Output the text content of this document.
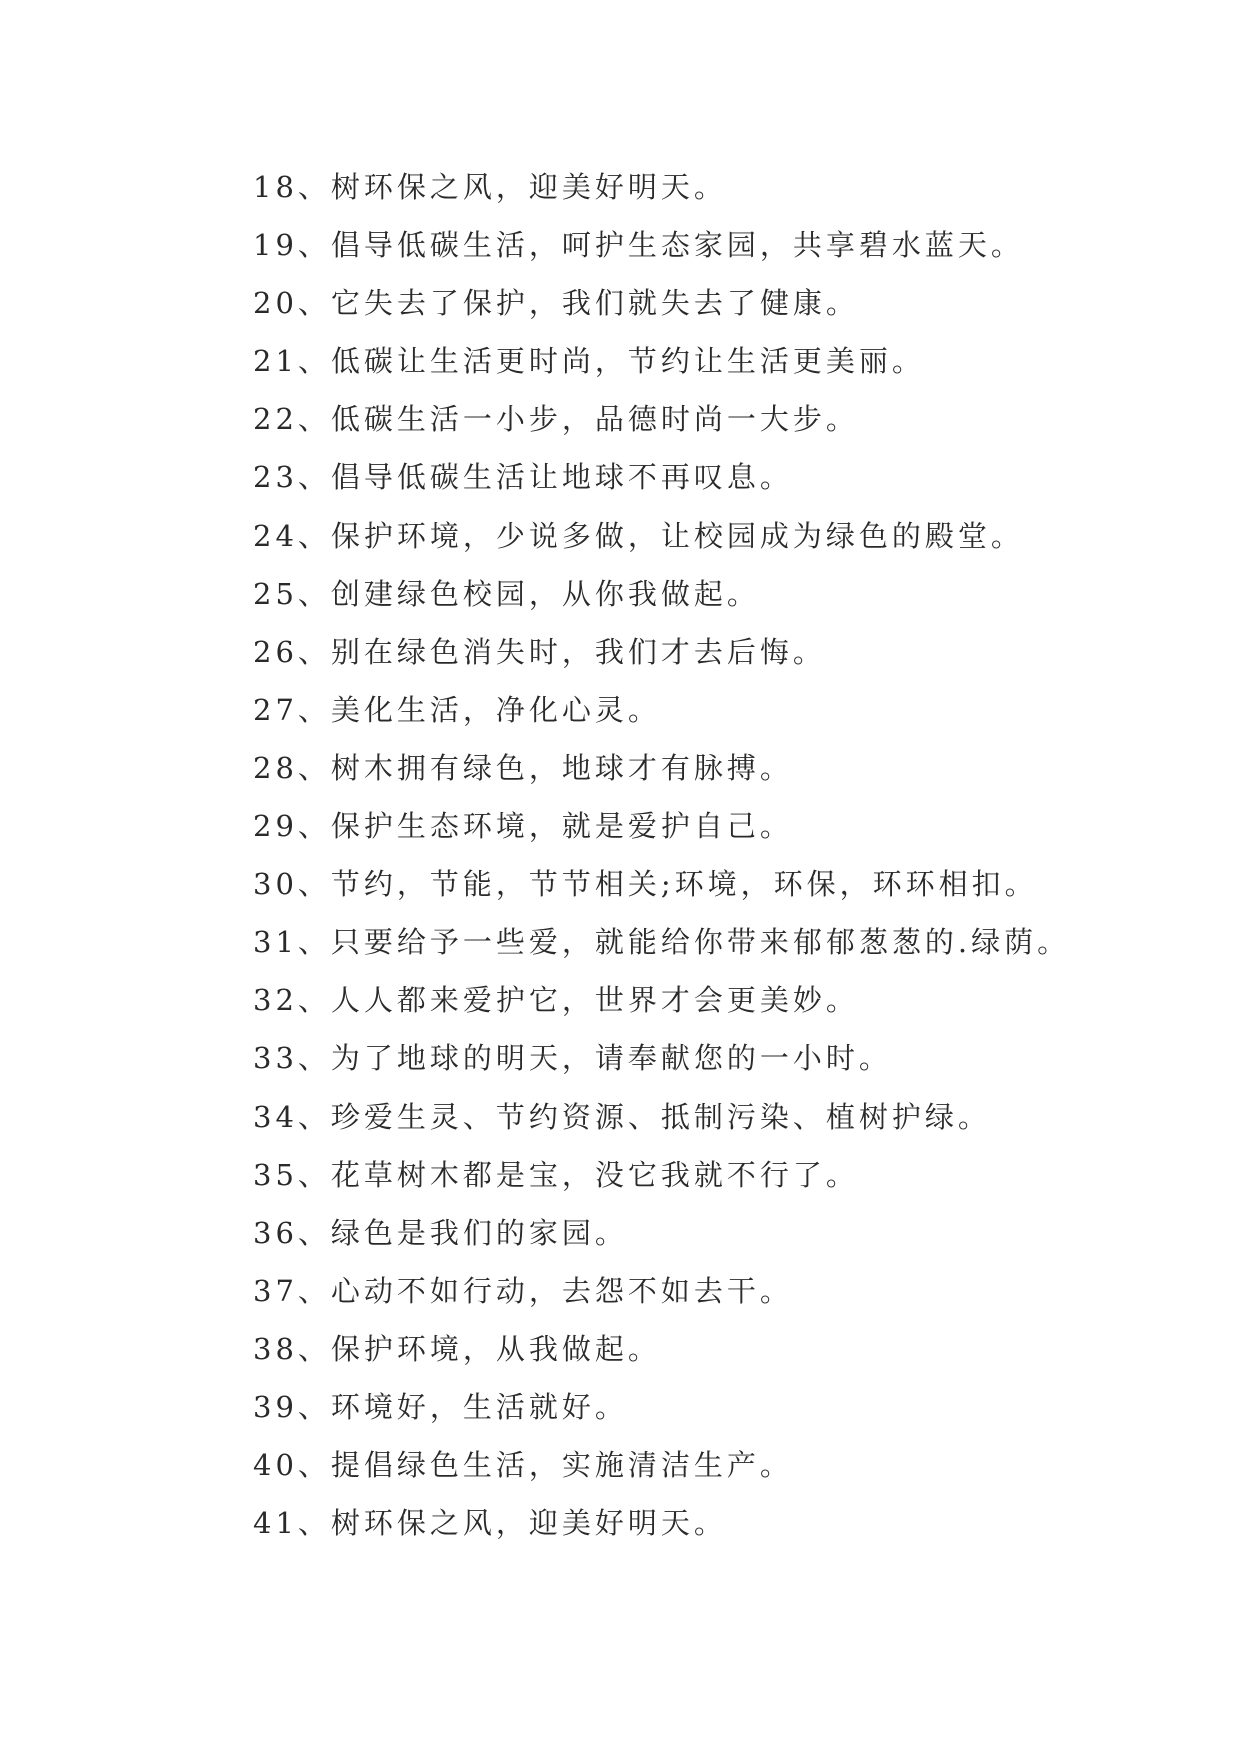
18、树环保之风，迎美好明天。
19、倡导低碳生活，呵护生态家园，共享碧水蓝天。
20、它失去了保护，我们就失去了健康。
21、低碳让生活更时尚，节约让生活更美丽。
22、低碳生活一小步，品德时尚一大步。
23、倡导低碳生活让地球不再叹息。
24、保护环境，少说多做，让校园成为绿色的殿堂。
25、创建绿色校园，从你我做起。
26、别在绿色消失时，我们才去后悔。
27、美化生活，净化心灵。
28、树木拥有绿色，地球才有脉搏。
29、保护生态环境，就是爱护自己。
30、节约，节能，节节相关;环境，环保，环环相扣。
31、只要给予一些爱，就能给你带来郁郁葱葱的.绿荫。
32、人人都来爱护它，世界才会更美妙。
33、为了地球的明天，请奉献您的一小时。
34、珍爱生灵、节约资源、抵制污染、植树护绿。
35、花草树木都是宝，没它我就不行了。
36、绿色是我们的家园。
37、心动不如行动，去怨不如去干。
38、保护环境，从我做起。
39、环境好，生活就好。
40、提倡绿色生活，实施清洁生产。
41、树环保之风，迎美好明天。
